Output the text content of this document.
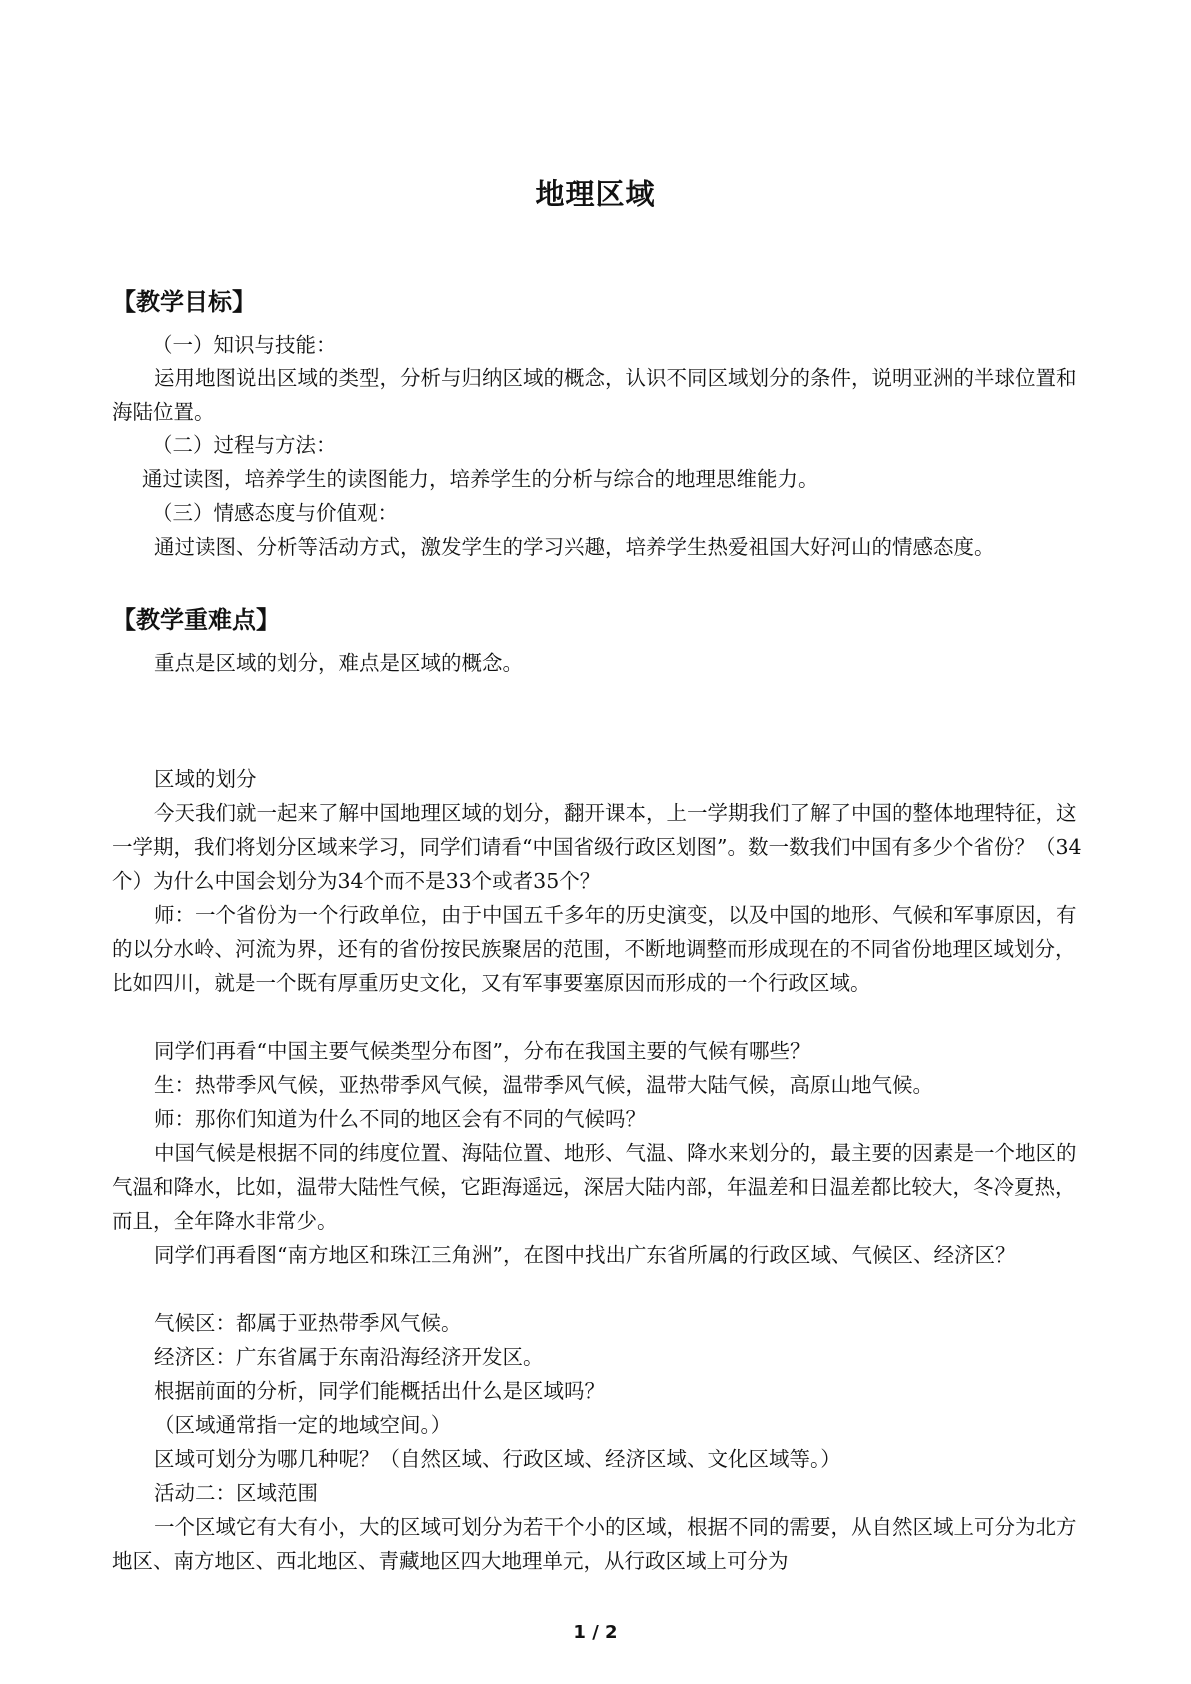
地理区域
【教学目标】

（一）知识与技能：

运用地图说出区域的类型，分析与归纳区域的概念，认识不同区域划分的条件，说明亚洲的半球位置和海陆位置。

（二）过程与方法：

通过读图，培养学生的读图能力，培养学生的分析与综合的地理思维能力。

（三）情感态度与价值观：

通过读图、分析等活动方式，激发学生的学习兴趣，培养学生热爱祖国大好河山的情感态度。

【教学重难点】

重点是区域的划分，难点是区域的概念。

区域的划分

今天我们就一起来了解中国地理区域的划分，翻开课本，上一学期我们了解了中国的整体地理特征，这一学期，我们将划分区域来学习，同学们请看“中国省级行政区划图”。数一数我们中国有多少个省份？（34个）为什么中国会划分为34个而不是33个或者35个？

师：一个省份为一个行政单位，由于中国五千多年的历史演变，以及中国的地形、气候和军事原因，有的以分水岭、河流为界，还有的省份按民族聚居的范围，不断地调整而形成现在的不同省份地理区域划分，比如四川，就是一个既有厚重历史文化，又有军事要塞原因而形成的一个行政区域。

同学们再看“中国主要气候类型分布图”，分布在我国主要的气候有哪些？

生：热带季风气候，亚热带季风气候，温带季风气候，温带大陆气候，高原山地气候。

师：那你们知道为什么不同的地区会有不同的气候吗？

中国气候是根据不同的纬度位置、海陆位置、地形、气温、降水来划分的，最主要的因素是一个地区的气温和降水，比如，温带大陆性气候，它距海遥远，深居大陆内部，年温差和日温差都比较大，冬冷夏热，而且，全年降水非常少。

同学们再看图“南方地区和珠江三角洲”，在图中找出广东省所属的行政区域、气候区、经济区？

气候区：都属于亚热带季风气候。

经济区：广东省属于东南沿海经济开发区。

根据前面的分析，同学们能概括出什么是区域吗？

（区域通常指一定的地域空间。）

区域可划分为哪几种呢？（自然区域、行政区域、经济区域、文化区域等。）

活动二：区域范围

一个区域它有大有小，大的区域可划分为若干个小的区域，根据不同的需要，从自然区域上可分为北方地区、南方地区、西北地区、青藏地区四大地理单元，从行政区域上可分为

1 / 2
